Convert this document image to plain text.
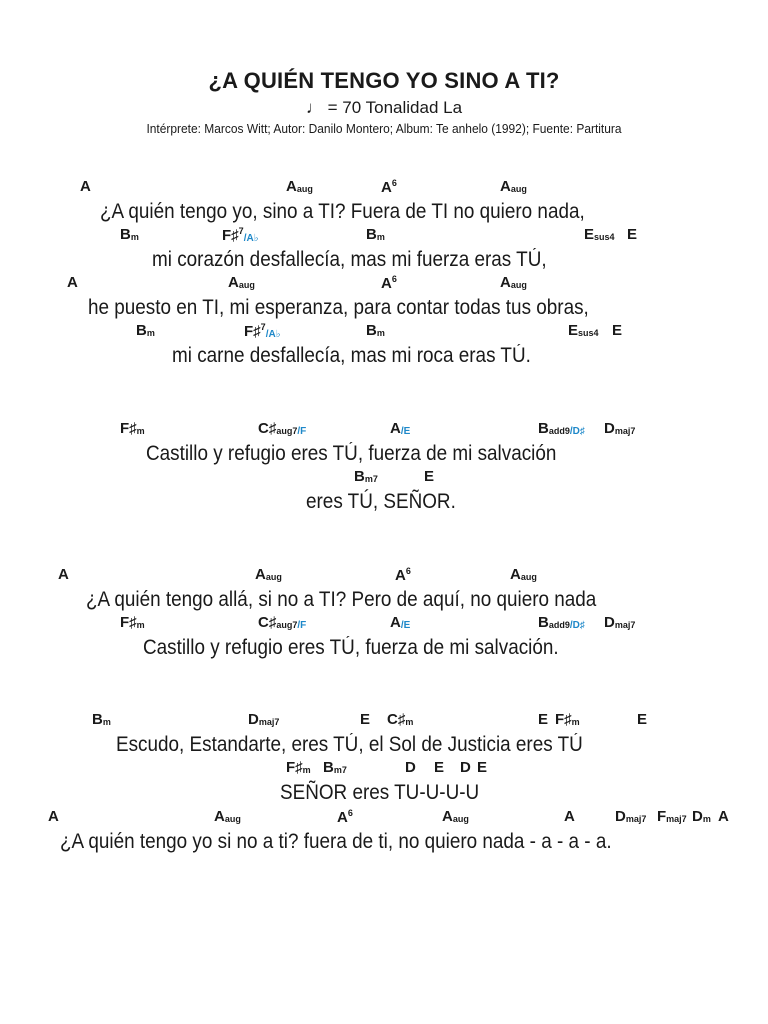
¿A QUIÉN TENGO YO SINO A TI?
♩ = 70 Tonalidad La
Intérprete: Marcos Witt; Autor: Danilo Montero; Album: Te anhelo (1992); Fuente: Partitura
¿A quién tengo yo, sino a TI? Fuera de TI no quiero nada,
A	$A_{aug}$	$A^6$	$A_{aug}$
mi corazón desfallecía, mas mi fuerza eras TÚ,
$B_m$	F♯$^7$/A♭	$B_m$	$E_{sus4}$ E
he puesto en TI, mi esperanza, para contar todas tus obras,
A	$A_{aug}$	$A^6$	$A_{aug}$
mi carne desfallecía, mas mi roca eras TÚ.
$B_m$	F♯$^7$/A♭	$B_m$	$E_{sus4}$ E
Castillo y refugio eres TÚ, fuerza de mi salvación
$F♯_m$	$C♯_{aug7}/F$	A/E	$B_{add9}/D♯$ $D_{maj7}$
eres TÚ, SEÑOR.
$B_{m7}$	E
¿A quién tengo allá, si no a TI? Pero de aquí, no quiero nada
A	$A_{aug}$	$A^6$	$A_{aug}$
Castillo y refugio eres TÚ, fuerza de mi salvación.
$F♯_m$	$C♯_{aug7}/F$	A/E	$B_{add9}/D♯$ $D_{maj7}$
Escudo, Estandarte, eres TÚ, el Sol de Justicia eres TÚ
$B_m$	$D_{maj7}$	E $C♯_m$	E $F♯_m$	E
SEÑOR eres TU-U-U-U
$F♯_m$ $B_{m7}$	D E D E
¿A quién tengo yo si no a ti? fuera de ti, no quiero nada - a - a - a.
A	$A_{aug}$	$A^6$	$A_{aug}$	A	$D_{maj7}$ $F_{maj7}$ $D_m$ A
